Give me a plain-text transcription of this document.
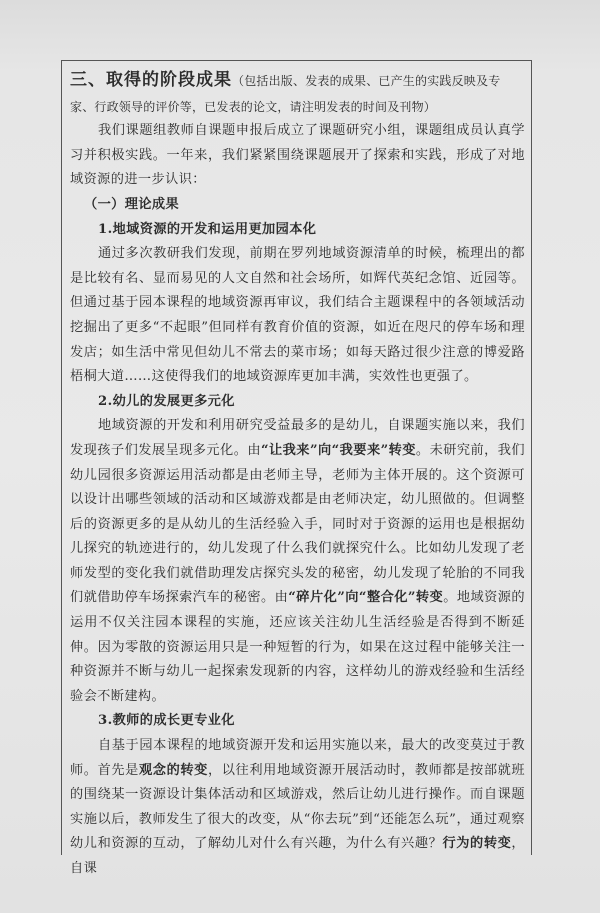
三、取得的阶段成果（包括出版、发表的成果、已产生的实践反映及专
家、行政领导的评价等，已发表的论文，请注明发表的时间及刊物）
我们课题组教师自课题申报后成立了课题研究小组，课题组成员认真学习并积极实践。一年来，我们紧紧围绕课题展开了探索和实践，形成了对地域资源的进一步认识：
（一）理论成果
1.地域资源的开发和运用更加园本化
通过多次教研我们发现，前期在罗列地域资源清单的时候，梳理出的都是比较有名、显而易见的人文自然和社会场所，如辉代英纪念馆、近园等。但通过基于园本课程的地域资源再审议，我们结合主题课程中的各领域活动挖掘出了更多“不起眼”但同样有教育价值的资源，如近在咫尺的停车场和理发店；如生活中常见但幼儿不常去的菜市场；如每天路过很少注意的博爱路梧桐大道……这使得我们的地域资源库更加丰满，实效性也更强了。
2.幼儿的发展更多元化
地域资源的开发和利用研究受益最多的是幼儿，自课题实施以来，我们发现孩子们发展呈现多元化。由“让我来”向“我要来”转变。未研究前，我们幼儿园很多资源运用活动都是由老师主导，老师为主体开展的。这个资源可以设计出哪些领域的活动和区域游戏都是由老师决定，幼儿照做的。但调整后的资源更多的是从幼儿的生活经验入手，同时对于资源的运用也是根据幼儿探究的轨迹进行的，幼儿发现了什么我们就探究什么。比如幼儿发现了老师发型的变化我们就借助理发店探究头发的秘密，幼儿发现了轮胎的不同我们就借助停车场探索汽车的秘密。由“碎片化”向“整合化”转变。地域资源的运用不仅关注园本课程的实施，还应该关注幼儿生活经验是否得到不断延伸。因为零散的资源运用只是一种短暂的行为，如果在这过程中能够关注一种资源并不断与幼儿一起探索发现新的内容，这样幼儿的游戏经验和生活经验会不断建构。
3.教师的成长更专业化
自基于园本课程的地域资源开发和运用实施以来，最大的改变莫过于教师。首先是观念的转变，以往利用地域资源开展活动时，教师都是按部就班的围绕某一资源设计集体活动和区域游戏，然后让幼儿进行操作。而自课题实施以后，教师发生了很大的改变，从“你去玩”到“还能怎么玩”，通过观察幼儿和资源的互动，了解幼儿对什么有兴趣，为什么有兴趣？行为的转变，自课
